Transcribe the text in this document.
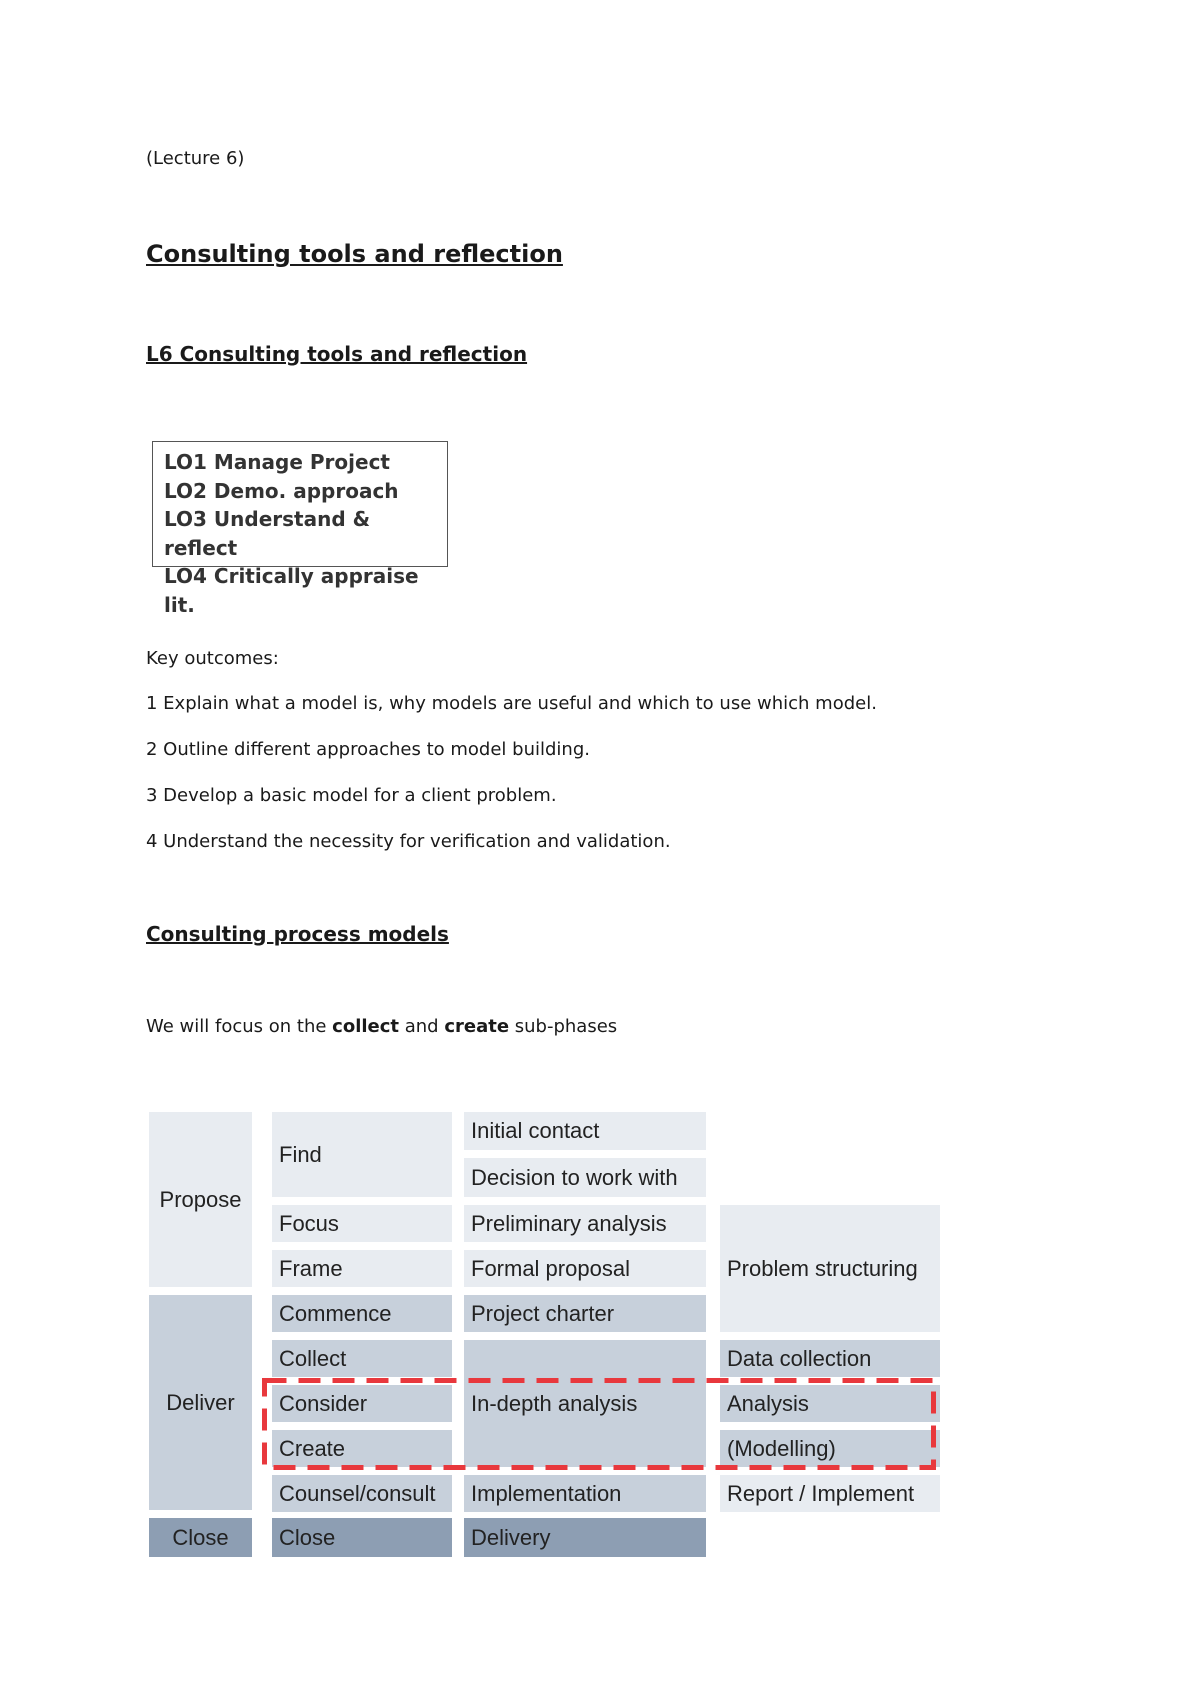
(Lecture 6)
Consulting tools and reflection
L6 Consulting tools and reflection
LO1 Manage Project
LO2 Demo. approach
LO3 Understand & reflect
LO4 Critically appraise lit.
Key outcomes:
1 Explain what a model is, why models are useful and which to use which model.
2 Outline different approaches to model building.
3 Develop a basic model for a client problem.
4 Understand the necessity for verification and validation.
Consulting process models
We will focus on the collect and create sub-phases
Propose
Deliver
Close
Find
Focus
Frame
Commence
Collect
Consider
Create
Counsel/consult
Close
Initial contact
Decision to work with
Preliminary analysis
Formal proposal
Project charter
In-depth analysis
Implementation
Delivery
Problem structuring
Data collection
Analysis
(Modelling)
Report / Implement
